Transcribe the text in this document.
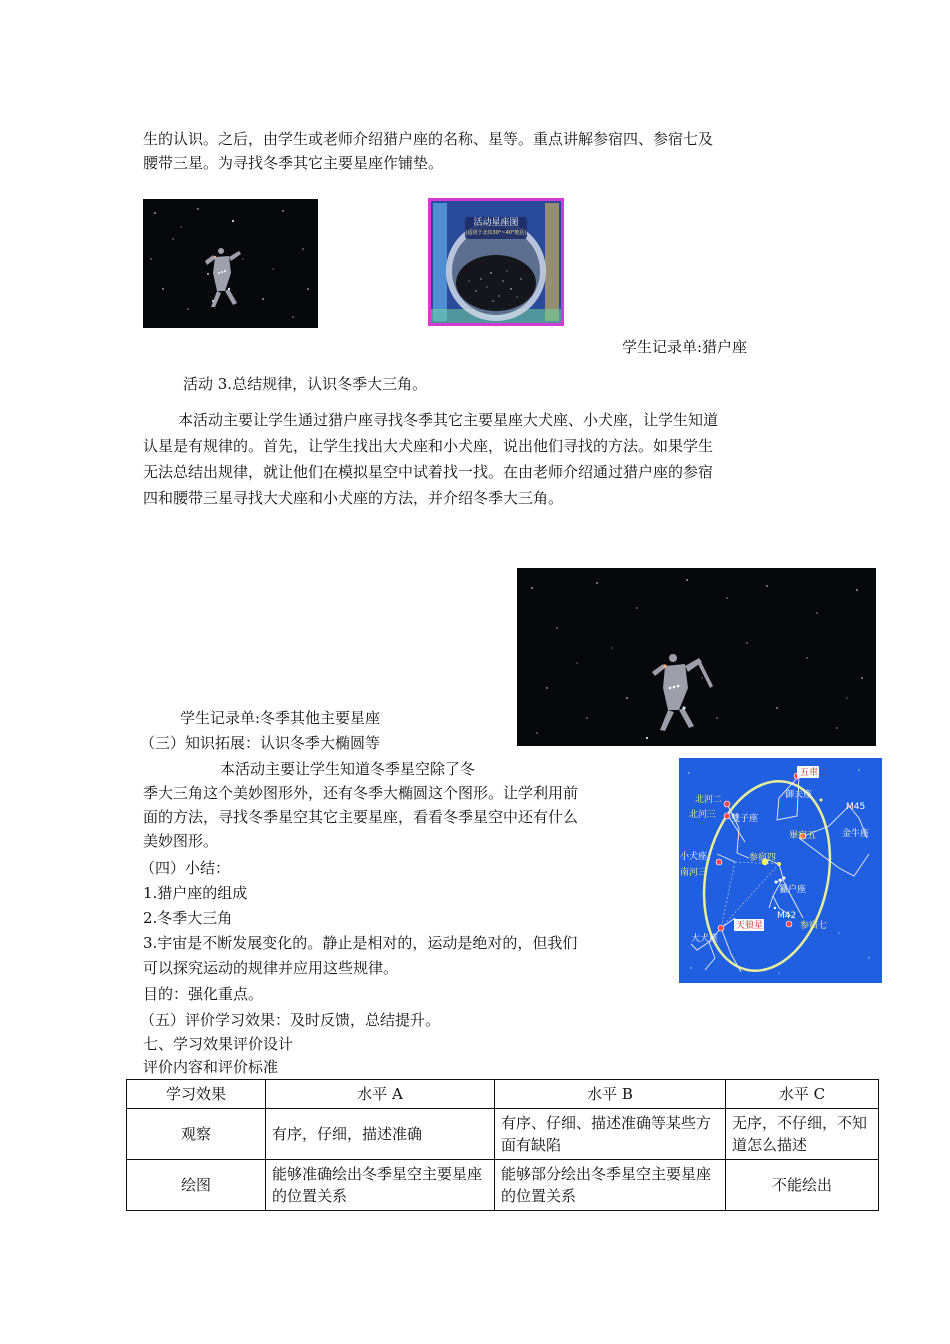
生的认识。之后，由学生或老师介绍猎户座的名称、星等。重点讲解参宿四、参宿七及
腰带三星。为寻找冬季其它主要星座作铺垫。
活动星座图
(适用于北纬30°~40°地区)
学生记录单:猎户座
活动 3.总结规律，认识冬季大三角。
本活动主要让学生通过猎户座寻找冬季其它主要星座大犬座、小犬座，让学生知道
认星是有规律的。首先，让学生找出大犬座和小犬座，说出他们寻找的方法。如果学生
无法总结出规律，就让他们在模拟星空中试着找一找。在由老师介绍通过猎户座的参宿
四和腰带三星寻找大犬座和小犬座的方法，并介绍冬季大三角。
学生记录单:冬季其他主要星座
（三）知识拓展：认识冬季大椭圆等
本活动主要让学生知道冬季星空除了冬
季大三角这个美妙图形外，还有冬季大椭圆这个图形。让学利用前
面的方法，寻找冬季星空其它主要星座，看看冬季星空中还有什么
美妙图形。
（四）小结：
1.猎户座的组成
2.冬季大三角
3.宇宙是不断发展变化的。静止是相对的，运动是绝对的，但我们
可以探究运动的规律并应用这些规律。
目的：强化重点。
（五）评价学习效果：及时反馈，总结提升。
七、学习效果评价设计
评价内容和评价标准
五車二
御夫座
北河二
北河三 雙子座
M45
畢宿五	金牛座
小犬座
南河三
参宿四
獵户座
M42
天狼星	参宿七
大犬座
学习效果	水平 A	水平 B	水平 C
观察	有序，仔细，描述准确	有序、仔细、描述准确等某些方面有缺陷	无序，不仔细，不知道怎么描述
绘图	能够准确绘出冬季星空主要星座的位置关系	能够部分绘出冬季星空主要星座的位置关系	不能绘出
